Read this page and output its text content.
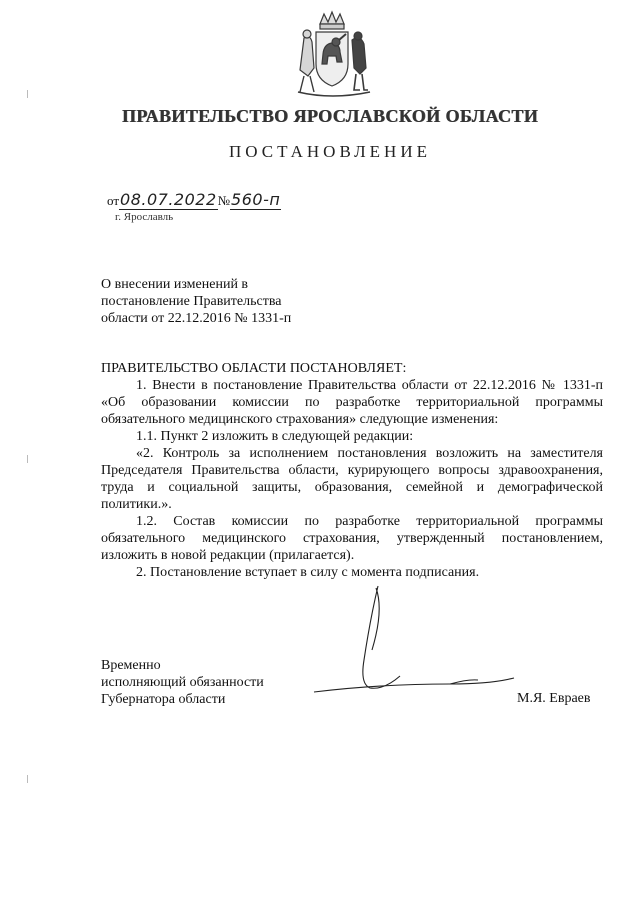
ПРАВИТЕЛЬСТВО ЯРОСЛАВСКОЙ ОБЛАСТИ
ПОСТАНОВЛЕНИЕ
от08.07.2022№560-п
г. Ярославль
О внесении изменений в
постановление Правительства
области от 22.12.2016 № 1331-п

ПРАВИТЕЛЬСТВО ОБЛАСТИ ПОСТАНОВЛЯЕТ:

1. Внести в постановление Правительства области от 22.12.2016 № 1331-п «Об образовании комиссии по разработке территориальной программы обязательного медицинского страхования» следующие изменения:

1.1. Пункт 2 изложить в следующей редакции:

«2. Контроль за исполнением постановления возложить на заместителя Председателя Правительства области, курирующего вопросы здравоохранения, труда и социальной защиты, образования, семейной и демографической политики.».

1.2. Состав комиссии по разработке территориальной программы обязательного медицинского страхования, утвержденный постановлением, изложить в новой редакции (прилагается).

2. Постановление вступает в силу с момента подписания.

Временно
исполняющий обязанности
Губернатора области	М.Я. Евраев
